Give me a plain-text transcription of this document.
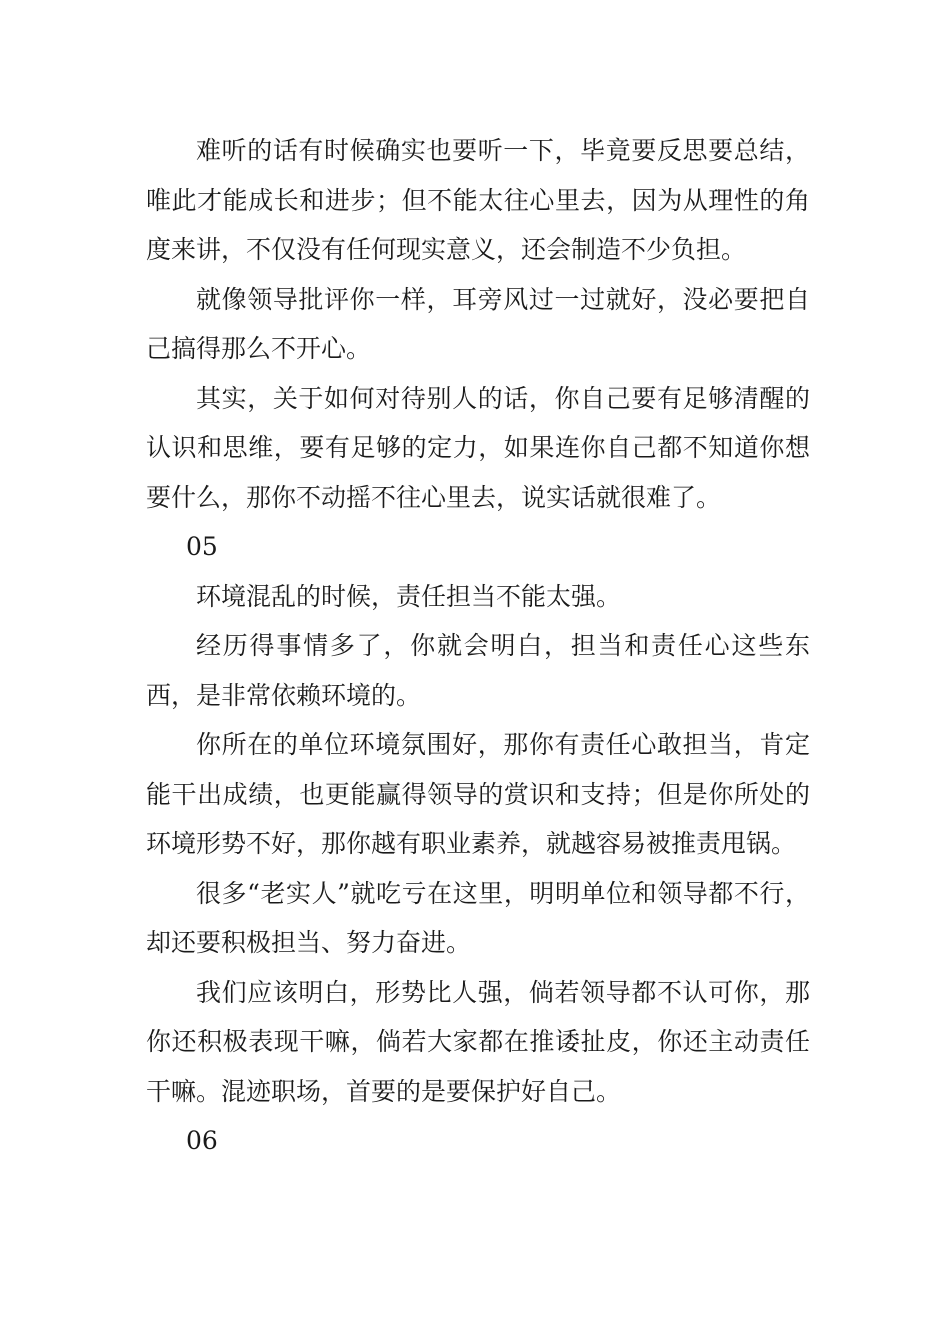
难听的话有时候确实也要听一下，毕竟要反思要总结，唯此才能成长和进步；但不能太往心里去，因为从理性的角度来讲，不仅没有任何现实意义，还会制造不少负担。

就像领导批评你一样，耳旁风过一过就好，没必要把自己搞得那么不开心。

其实，关于如何对待别人的话，你自己要有足够清醒的认识和思维，要有足够的定力，如果连你自己都不知道你想要什么，那你不动摇不往心里去，说实话就很难了。

05

环境混乱的时候，责任担当不能太强。

经历得事情多了，你就会明白，担当和责任心这些东西，是非常依赖环境的。

你所在的单位环境氛围好，那你有责任心敢担当，肯定能干出成绩，也更能赢得领导的赏识和支持；但是你所处的环境形势不好，那你越有职业素养，就越容易被推责甩锅。

很多“老实人”就吃亏在这里，明明单位和领导都不行，却还要积极担当、努力奋进。

我们应该明白，形势比人强，倘若领导都不认可你，那你还积极表现干嘛，倘若大家都在推诿扯皮，你还主动责任干嘛。混迹职场，首要的是要保护好自己。

06
